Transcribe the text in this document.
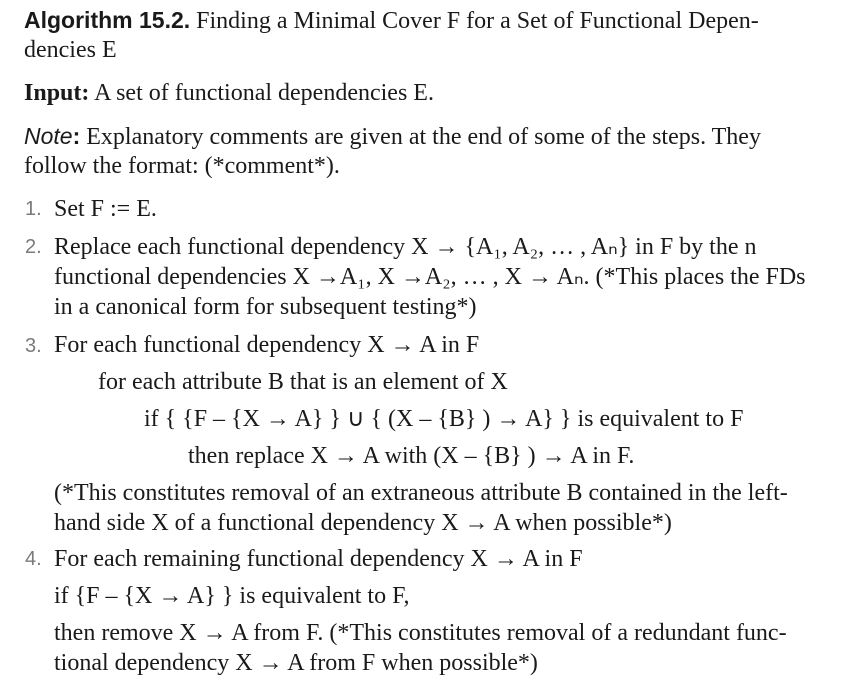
Algorithm 15.2. Finding a Minimal Cover F for a Set of Functional Depen-
dencies E
Input: A set of functional dependencies E.
Note: Explanatory comments are given at the end of some of the steps. They
follow the format: (*comment*).
1. Set F := E.
2. Replace each functional dependency X → {A₁, A₂, … , Aₙ} in F by the n
functional dependencies X →A₁, X →A₂, … , X → Aₙ. (*This places the FDs
in a canonical form for subsequent testing*)
3. For each functional dependency X → A in F
for each attribute B that is an element of X
if { {F – {X → A} } ∪ { (X – {B} ) → A} } is equivalent to F
then replace X → A with (X – {B} ) → A in F.
(*This constitutes removal of an extraneous attribute B contained in the left-
hand side X of a functional dependency X → A when possible*)
4. For each remaining functional dependency X → A in F
if {F – {X → A} } is equivalent to F,
then remove X → A from F. (*This constitutes removal of a redundant func-
tional dependency X → A from F when possible*)
